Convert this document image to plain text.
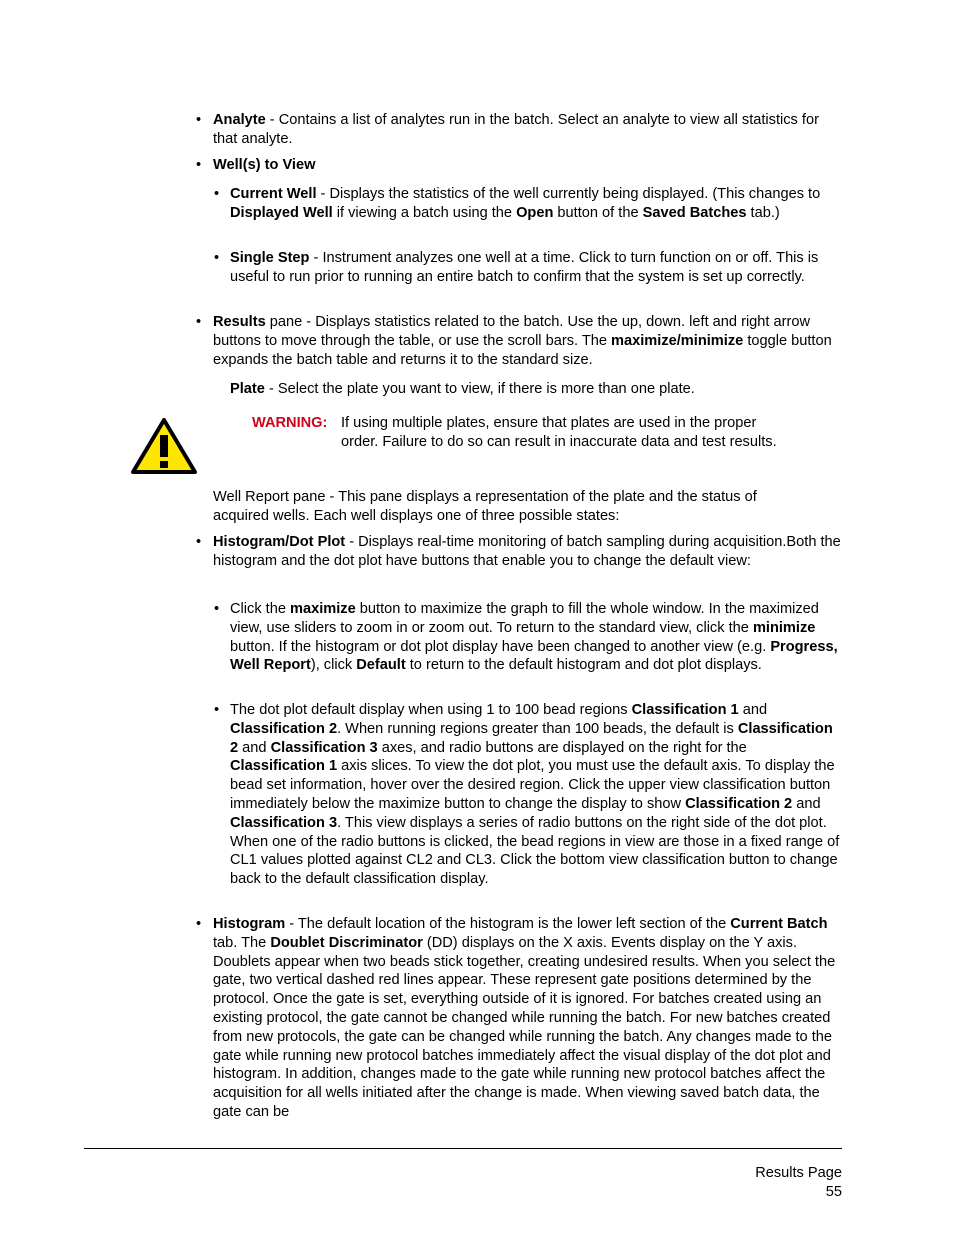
• Analyte - Contains a list of analytes run in the batch. Select an analyte to view all statistics for that analyte.
• Well(s) to View
• Current Well - Displays the statistics of the well currently being displayed. (This changes to Displayed Well if viewing a batch using the Open button of the Saved Batches tab.)
• Single Step - Instrument analyzes one well at a time. Click to turn function on or off. This is useful to run prior to running an entire batch to confirm that the system is set up correctly.
• Results pane - Displays statistics related to the batch. Use the up, down. left and right arrow buttons to move through the table, or use the scroll bars. The maximize/minimize toggle button expands the batch table and returns it to the standard size.
Plate - Select the plate you want to view, if there is more than one plate.
WARNING: If using multiple plates, ensure that plates are used in the proper order. Failure to do so can result in inaccurate data and test results.
Well Report pane - This pane displays a representation of the plate and the status of acquired wells. Each well displays one of three possible states:
• Histogram/Dot Plot - Displays real-time monitoring of batch sampling during acquisition.Both the histogram and the dot plot have buttons that enable you to change the default view:
• Click the maximize button to maximize the graph to fill the whole window. In the maximized view, use sliders to zoom in or zoom out. To return to the standard view, click the minimize button. If the histogram or dot plot display have been changed to another view (e.g. Progress, Well Report), click Default to return to the default histogram and dot plot displays.
• The dot plot default display when using 1 to 100 bead regions Classification 1 and Classification 2. When running regions greater than 100 beads, the default is Classification 2 and Classification 3 axes, and radio buttons are displayed on the right for the Classification 1 axis slices. To view the dot plot, you must use the default axis. To display the bead set information, hover over the desired region. Click the upper view classification button immediately below the maximize button to change the display to show Classification 2 and Classification 3. This view displays a series of radio buttons on the right side of the dot plot. When one of the radio buttons is clicked, the bead regions in view are those in a fixed range of CL1 values plotted against CL2 and CL3. Click the bottom view classification button to change back to the default classification display.
• Histogram - The default location of the histogram is the lower left section of the Current Batch tab. The Doublet Discriminator (DD) displays on the X axis. Events display on the Y axis. Doublets appear when two beads stick together, creating undesired results. When you select the gate, two vertical dashed red lines appear. These represent gate positions determined by the protocol. Once the gate is set, everything outside of it is ignored. For batches created using an existing protocol, the gate cannot be changed while running the batch. For new batches created from new protocols, the gate can be changed while running the batch. Any changes made to the gate while running new protocol batches immediately affect the visual display of the dot plot and histogram. In addition, changes made to the gate while running new protocol batches affect the acquisition for all wells initiated after the change is made. When viewing saved batch data, the gate can be
Results Page
55
